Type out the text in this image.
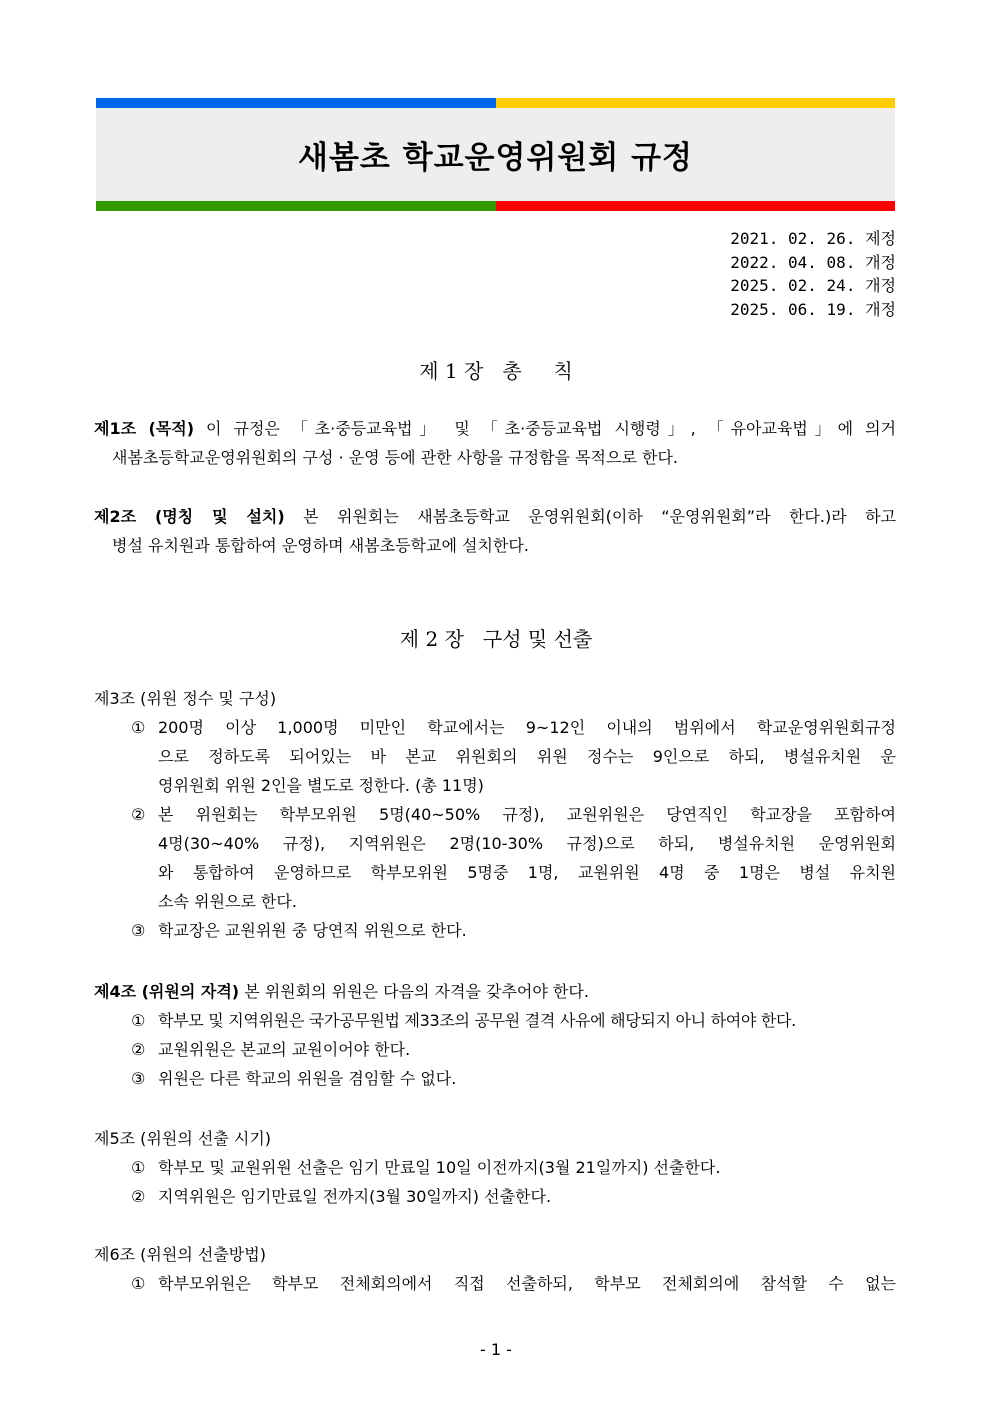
새봄초 학교운영위원회 규정
2021. 02. 26. 제정
2022. 04. 08. 개정
2025. 02. 24. 개정
2025. 06. 19. 개정
제 1 장   총     칙
제1조 (목적) 이 규정은 「초·중등교육법」 및 「초·중등교육법 시행령」, 「유아교육법」에 의거
새봄초등학교운영위원회의 구성 · 운영 등에 관한 사항을 규정함을 목적으로 한다.
제2조 (명칭 및 설치) 본 위원회는 새봄초등학교 운영위원회(이하 “운영위원회”라 한다.)라 하고
병설 유치원과 통합하여 운영하며 새봄초등학교에 설치한다.
제 2 장   구성 및 선출
제3조 (위원 정수 및 구성)
① 200명 이상 1,000명 미만인 학교에서는 9~12인 이내의 범위에서 학교운영위원회규정
으로 정하도록 되어있는 바 본교 위원회의 위원 정수는 9인으로 하되, 병설유치원 운
영위원회 위원 2인을 별도로 정한다. (총 11명)
② 본 위원회는 학부모위원 5명(40~50% 규정), 교원위원은 당연직인 학교장을 포함하여
4명(30~40% 규정), 지역위원은 2명(10-30% 규정)으로 하되, 병설유치원 운영위원회
와 통합하여 운영하므로 학부모위원 5명중 1명, 교원위원 4명 중 1명은 병설 유치원
소속 위원으로 한다.
③ 학교장은 교원위원 중 당연직 위원으로 한다.
제4조 (위원의 자격) 본 위원회의 위원은 다음의 자격을 갖추어야 한다.
① 학부모 및 지역위원은 국가공무원법 제33조의 공무원 결격 사유에 해당되지 아니 하여야 한다.
② 교원위원은 본교의 교원이어야 한다.
③ 위원은 다른 학교의 위원을 겸임할 수 없다.
제5조 (위원의 선출 시기)
① 학부모 및 교원위원 선출은 임기 만료일 10일 이전까지(3월 21일까지) 선출한다.
② 지역위원은 임기만료일 전까지(3월 30일까지) 선출한다.
제6조 (위원의 선출방법)
① 학부모위원은 학부모 전체회의에서 직접 선출하되, 학부모 전체회의에 참석할 수 없는
- 1 -
